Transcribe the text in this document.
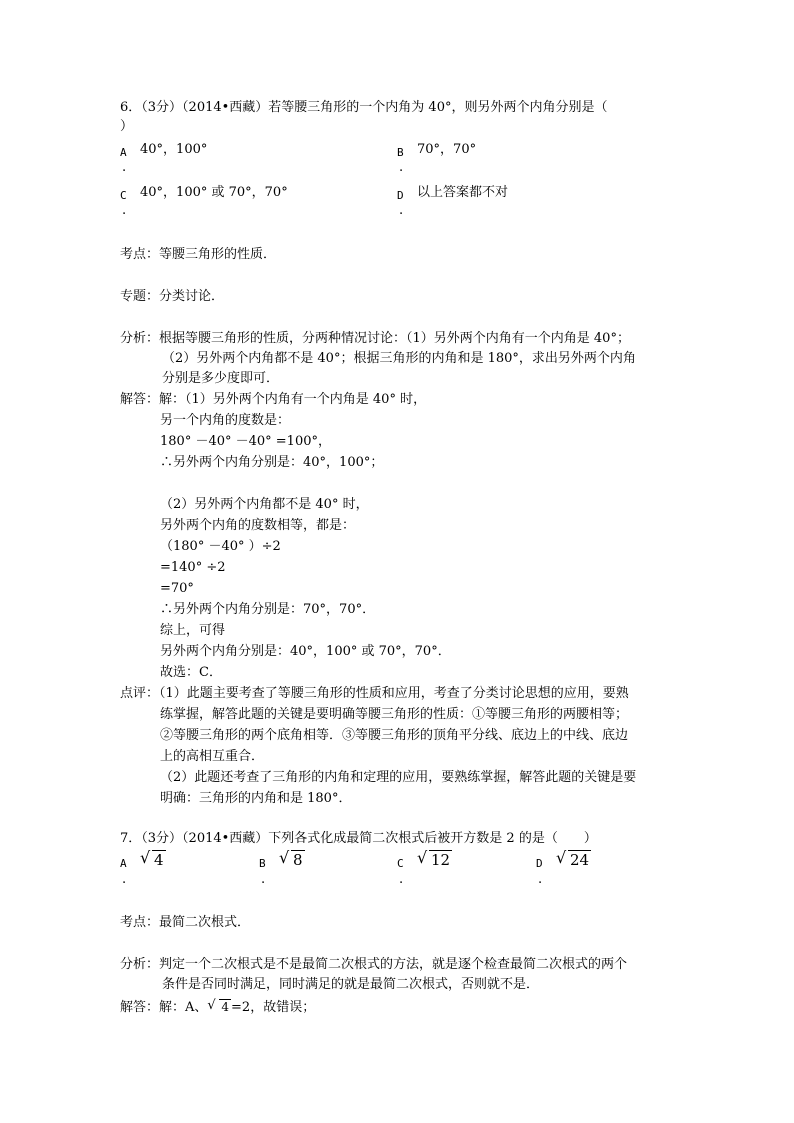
6．（3分）（2014•西藏）若等腰三角形的一个内角为 40°，则另外两个内角分别是（
）
A 40°，100°
.
B 70°，70°
.
C 40°，100° 或 70°，70°
.
D 以上答案都不对
.
考点：等腰三角形的性质．
专题：分类讨论．
分析：根据等腰三角形的性质，分两种情况讨论：（1）另外两个内角有一个内角是 40°；
（2）另外两个内角都不是 40°；根据三角形的内角和是 180°，求出另外两个内角
分别是多少度即可．
解答：解：（1）另外两个内角有一个内角是 40° 时，
另一个内角的度数是：
180° －40° －40° =100°，
∴另外两个内角分别是：40°，100°；
（2）另外两个内角都不是 40° 时，
另外两个内角的度数相等，都是：
（180° －40° ）÷2
=140° ÷2
=70°
∴另外两个内角分别是：70°，70°．
综上，可得
另外两个内角分别是：40°，100° 或 70°，70°．
故选：C．
点评：（1）此题主要考查了等腰三角形的性质和应用，考查了分类讨论思想的应用，要熟
练掌握，解答此题的关键是要明确等腰三角形的性质：①等腰三角形的两腰相等；
②等腰三角形的两个底角相等．③等腰三角形的顶角平分线、底边上的中线、底边
上的高相互重合．
（2）此题还考查了三角形的内角和定理的应用，要熟练掌握，解答此题的关键是要
明确：三角形的内角和是 180°．
7．（3分）（2014•西藏）下列各式化成最简二次根式后被开方数是 2 的是（　　）
A √ 4
.
B √ 8
.
C √ 12
.
D √ 24
.
考点：最简二次根式．
分析：判定一个二次根式是不是最简二次根式的方法，就是逐个检查最简二次根式的两个
条件是否同时满足，同时满足的就是最简二次根式，否则就不是．
解答：解：A、 √ 4 =2，故错误；
